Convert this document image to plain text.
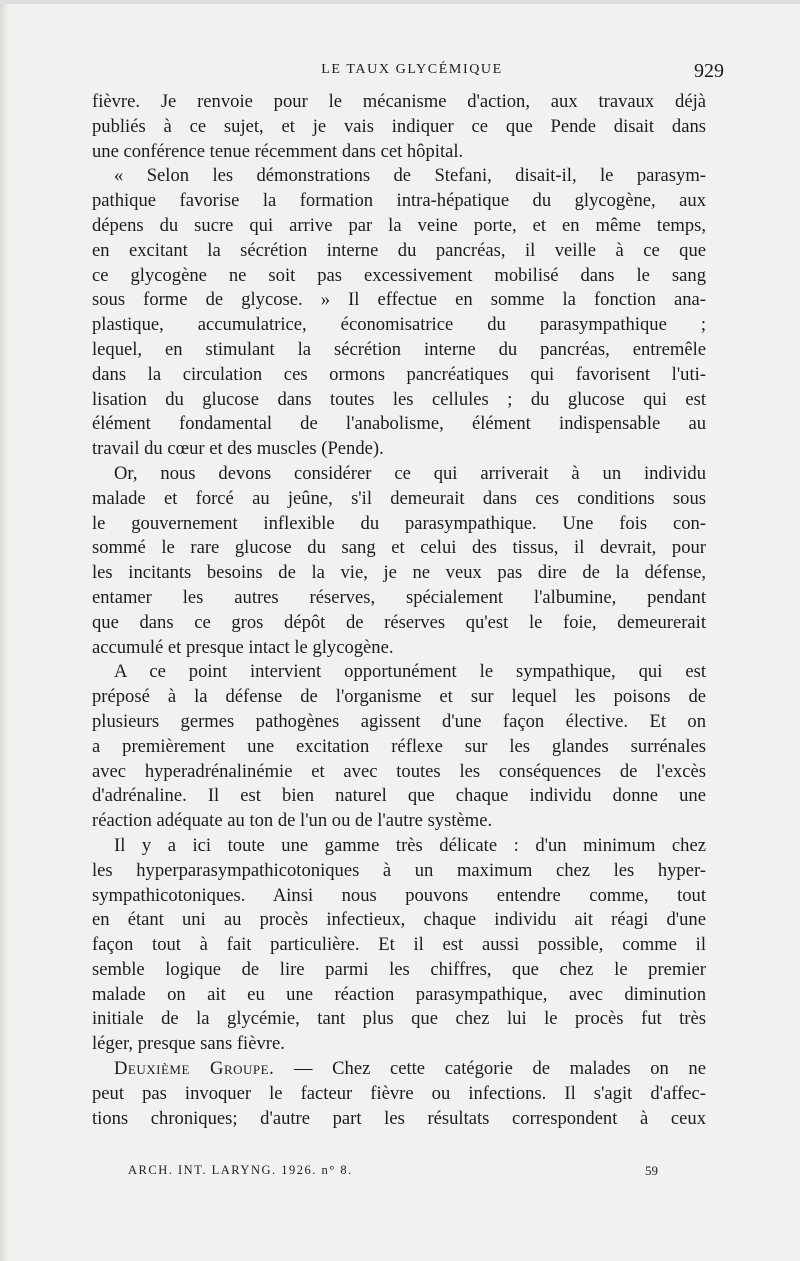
LE TAUX GLYCÉMIQUE	929
fièvre. Je renvoie pour le mécanisme d'action, aux travaux déjà
publiés à ce sujet, et je vais indiquer ce que Pende disait dans
une conférence tenue récemment dans cet hôpital.
« Selon les démonstrations de Stefani, disait-il, le parasym-
pathique favorise la formation intra-hépatique du glycogène, aux
dépens du sucre qui arrive par la veine porte, et en même temps,
en excitant la sécrétion interne du pancréas, il veille à ce que
ce glycogène ne soit pas excessivement mobilisé dans le sang
sous forme de glycose. » Il effectue en somme la fonction ana-
plastique, accumulatrice, économisatrice du parasympathique ;
lequel, en stimulant la sécrétion interne du pancréas, entremêle
dans la circulation ces ormons pancréatiques qui favorisent l'uti-
lisation du glucose dans toutes les cellules ; du glucose qui est
élément fondamental de l'anabolisme, élément indispensable au
travail du cœur et des muscles (Pende).
Or, nous devons considérer ce qui arriverait à un individu
malade et forcé au jeûne, s'il demeurait dans ces conditions sous
le gouvernement inflexible du parasympathique. Une fois con-
sommé le rare glucose du sang et celui des tissus, il devrait, pour
les incitants besoins de la vie, je ne veux pas dire de la défense,
entamer les autres réserves, spécialement l'albumine, pendant
que dans ce gros dépôt de réserves qu'est le foie, demeurerait
accumulé et presque intact le glycogène.
A ce point intervient opportunément le sympathique, qui est
préposé à la défense de l'organisme et sur lequel les poisons de
plusieurs germes pathogènes agissent d'une façon élective. Et on
a premièrement une excitation réflexe sur les glandes surrénales
avec hyperadrénalinémie et avec toutes les conséquences de l'excès
d'adrénaline. Il est bien naturel que chaque individu donne une
réaction adéquate au ton de l'un ou de l'autre système.
Il y a ici toute une gamme très délicate : d'un minimum chez
les hyperparasympathicotoniques à un maximum chez les hyper-
sympathicotoniques. Ainsi nous pouvons entendre comme, tout
en étant uni au procès infectieux, chaque individu ait réagi d'une
façon tout à fait particulière. Et il est aussi possible, comme il
semble logique de lire parmi les chiffres, que chez le premier
malade on ait eu une réaction parasympathique, avec diminution
initiale de la glycémie, tant plus que chez lui le procès fut très
léger, presque sans fièvre.
Deuxième Groupe. — Chez cette catégorie de malades on ne
peut pas invoquer le facteur fièvre ou infections. Il s'agit d'affec-
tions chroniques; d'autre part les résultats correspondent à ceux
ARCH. INT. LARYNG. 1926. n° 8.	59
